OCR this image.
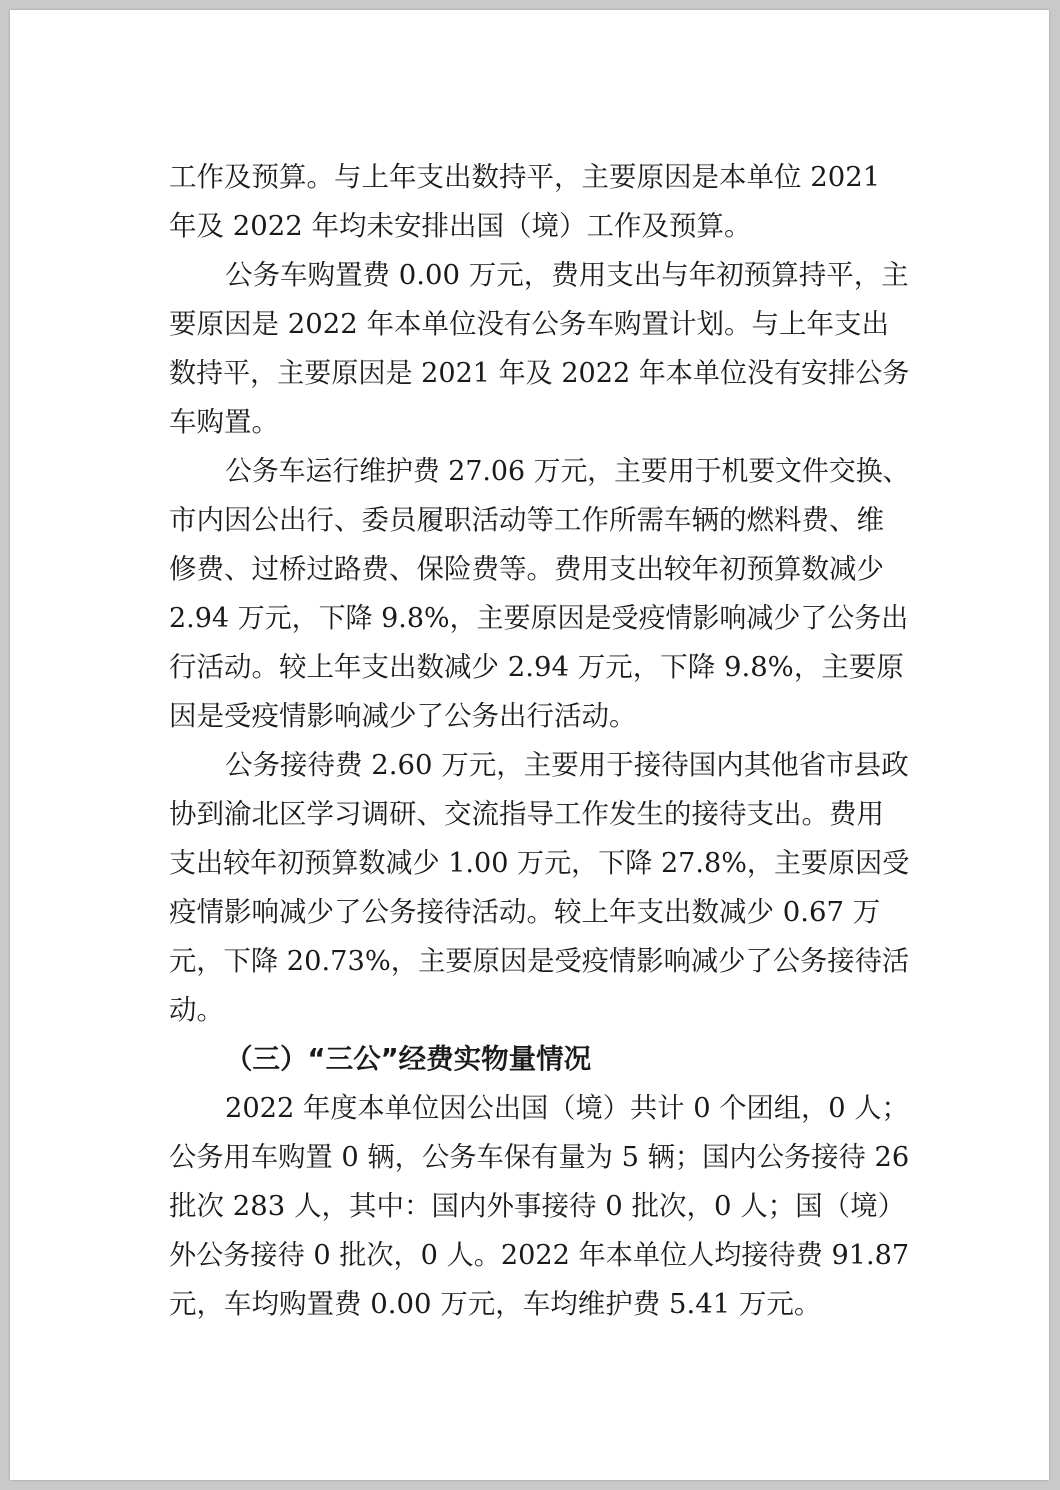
工作及预算。与上年支出数持平，主要原因是本单位 2021
年及 2022 年均未安排出国（境）工作及预算。
公务车购置费 0.00 万元，费用支出与年初预算持平，主
要原因是 2022 年本单位没有公务车购置计划。与上年支出
数持平，主要原因是 2021 年及 2022 年本单位没有安排公务
车购置。
公务车运行维护费 27.06 万元，主要用于机要文件交换、
市内因公出行、委员履职活动等工作所需车辆的燃料费、维
修费、过桥过路费、保险费等。费用支出较年初预算数减少
2.94 万元，下降 9.8%，主要原因是受疫情影响减少了公务出
行活动。较上年支出数减少 2.94 万元，下降 9.8%，主要原
因是受疫情影响减少了公务出行活动。
公务接待费 2.60 万元，主要用于接待国内其他省市县政
协到渝北区学习调研、交流指导工作发生的接待支出。费用
支出较年初预算数减少 1.00 万元，下降 27.8%，主要原因受
疫情影响减少了公务接待活动。较上年支出数减少 0.67 万
元，下降 20.73%，主要原因是受疫情影响减少了公务接待活
动。
（三）“三公”经费实物量情况
2022 年度本单位因公出国（境）共计 0 个团组，0 人；
公务用车购置 0 辆，公务车保有量为 5 辆；国内公务接待 26
批次 283 人，其中：国内外事接待 0 批次，0 人；国（境）
外公务接待 0 批次，0 人。2022 年本单位人均接待费 91.87
元，车均购置费 0.00 万元，车均维护费 5.41 万元。
